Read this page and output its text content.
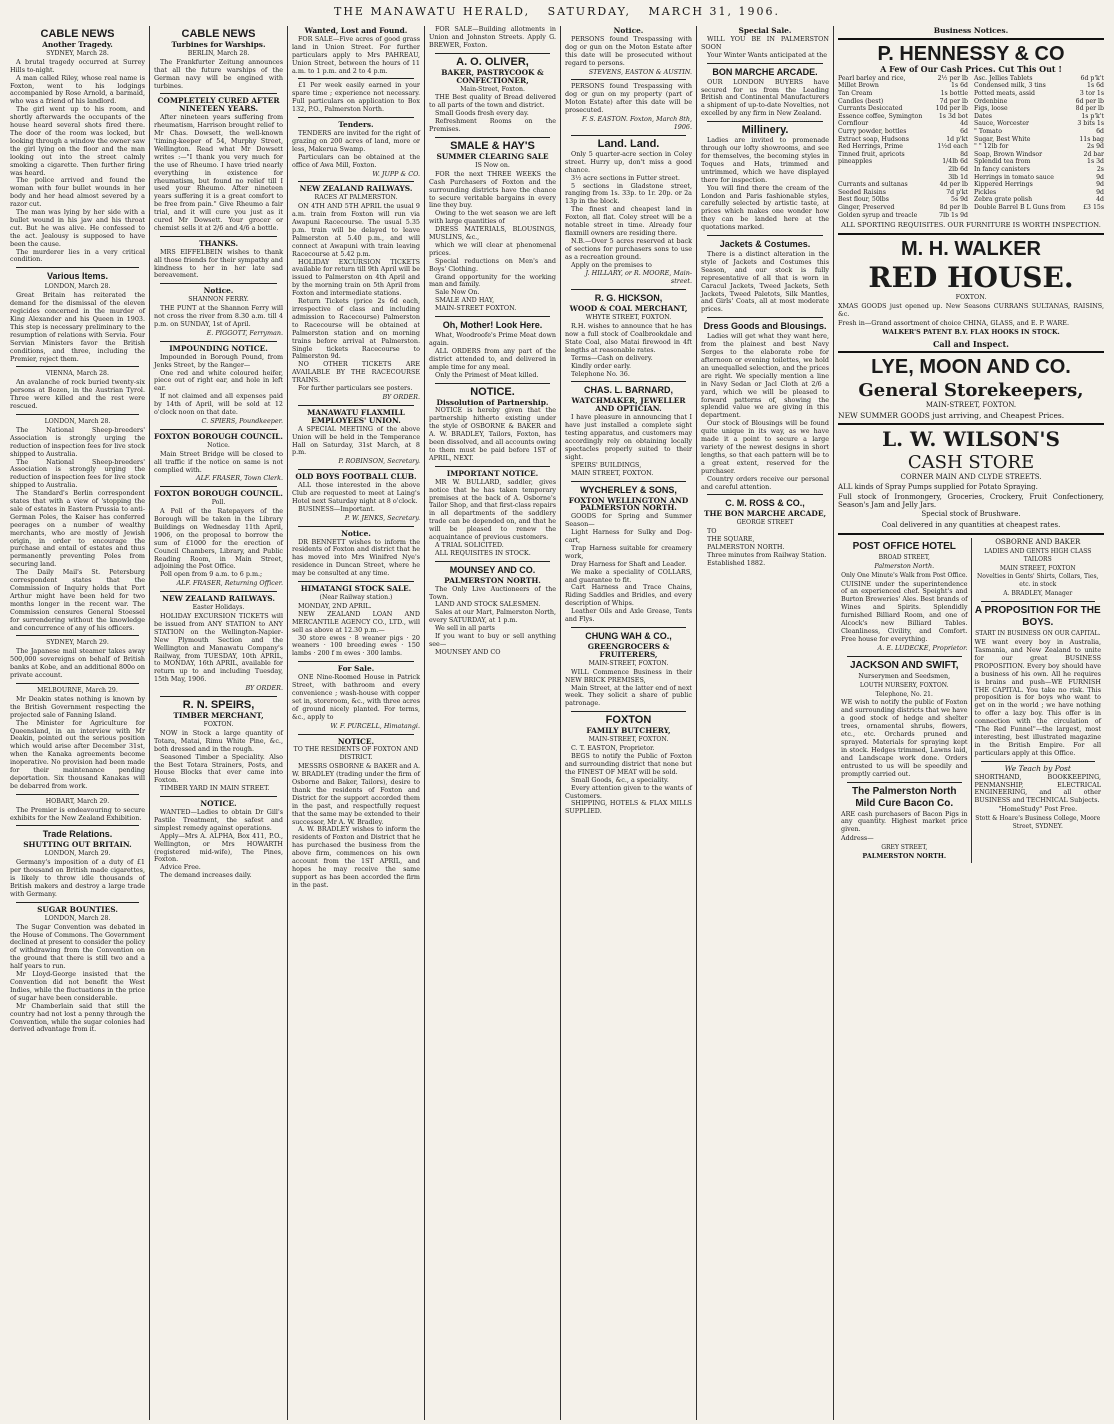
THE MANAWATU HERALD, SATURDAY, MARCH 31, 1906.
CABLE NEWS
Another Tragedy.
SYDNEY, March 28.

A brutal tragedy occurred at Surrey Hills to-night.

A man called Riley, whose real name is Foxton, went to his lodgings accompanied by Rose Arnold, a barmaid, who was a friend of his landlord.

The girl went up to his room, and shortly afterwards the occupants of the house heard several shots fired there. The door of the room was locked, but looking through a window the owner saw the girl lying on the floor and the man looking out into the street calmly smoking a cigarette. Then further firing was heard.

The police arrived and found the woman with four bullet wounds in her body and her head almost severed by a razor cut.

The man was lying by her side with a bullet wound in his jaw and his throat cut. But he was alive. He confessed to the act. Jealousy is supposed to have been the cause.

The murderer lies in a very critical condition.

Various Items.
LONDON, March 28.

Great Britain has reiterated the demand for the dismissal of the eleven regicides concerned in the murder of King Alexander and his Queen in 1903. This step is necessary preliminary to the resumption of relations with Servia. Four Servian Ministers favor the British conditions, and three, including the Premier, reject them.

VIENNA, March 28.

An avalanche of rock buried twenty-six persons at Bozen, in the Austrian Tyrol. Three were killed and the rest were rescued.

LONDON, March 28.

The National Sheep-breeders' Association is strongly urging the reduction of inspection fees for live stock shipped to Australia.

The National Sheep-breeders' Association is strongly urging the reduction of inspection fees for live stock shipped to Australia.

The Standard's Berlin correspondent states that with a view of 'stopping the sale of estates in Eastern Prussia to anti-German Poles, the Kaiser has conferred peerages on a number of wealthy merchants, who are mostly of Jewish origin, in order to encourage the purchase and entail of estates and thus permanently preventing Poles from securing land.

The Daily Mail's St. Petersburg correspondent states that the Commission of Inquiry holds that Port Arthur might have been held for two months longer in the recent war. The Commission censures General Stoessel for surrendering without the knowledge and concurrence of any of his officers.

SYDNEY, March 29.

The Japanese mail steamer takes away 500,000 sovereigns on behalf of British banks at Kobe, and an additional 800o on private account.

MELBOURNE, March 29.

Mr Deakin states nothing is known by the British Government respecting the projected sale of Fanning Island.

The Minister for Agriculture for Queensland, in an interview with Mr Deakin, pointed out the serious position which would arise after December 31st, when the Kanaka agreements become inoperative. No provision had been made for their maintenance pending deportation. Six thousand Kanakas will be debarred from work.

HOBART, March 29.

The Premier is endeavouring to secure exhibits for the New Zealand Exhibition.

Trade Relations.
SHUTTING OUT BRITAIN.
LONDON, March 29.

Germany's imposition of a duty of £1 per thousand on British made cigarettes, is likely to throw idle thousands of British makers and destroy a large trade with Germany.

SUGAR BOUNTIES.
LONDON, March 28.

The Sugar Convention was debated in the House of Commons. The Government declined at present to consider the policy of withdrawing from the Convention on the ground that there is still two and a half years to run.

Mr Lloyd-George insisted that the Convention did not benefit the West Indies, while the fluctuations in the price of sugar have been considerable.

Mr Chamberlain said that still the country had not lost a penny through the Convention, while the sugar colonies had derived advantage from it.

CABLE NEWS
Turbines for Warships.
BERLIN, March 28.

The Frankfurter Zeitung announces that all the future warships of the German navy will be engined with turbines.

COMPLETELY CURED AFTER NINETEEN YEARS.

After nineteen years suffering from rheumatism, Harrison brought relief to Mr Chas. Dowsett, the well-known 'timing-keeper of 54, Murphy Street, Wellington. Read what Mr Dowsett writes :—"I thank you very much for the use of Rheumo. I have tried nearly everything in existence for rheumatism, but found no relief till I used your Rheumo. After nineteen years suffering it is a great comfort to be free from pain." Give Rheumo a fair trial, and it will cure you just as it cured Mr Dowsett. Your grocer or chemist sells it at 2/6 and 4/6 a bottle.

THANKS.

MRS EIFFELBEIN wishes to thank all those friends for their sympathy and kindness to her in her late sad bereavement.

Notice.
SHANNON FERRY.

THE PUNT at the Shannon Ferry will not cross the river from 8.30 a.m. till 4 p.m. on SUNDAY, 1st of April.

E. PIGGOTT, Ferryman.
IMPOUNDING NOTICE.

Impounded in Borough Pound, from Jenks Street, by the Ranger—

One red and white coloured heifer, piece out of right ear, and hole in left ear.

If not claimed and all expenses paid by 14th of April, will be sold at 12 o'clock noon on that date.

C. SPIERS, Poundkeeper.
FOXTON BOROUGH COUNCIL.
Notice.

Main Street Bridge will be closed to all traffic if the notice on same is not complied with.

ALF. FRASER, Town Clerk.
FOXTON BOROUGH COUNCIL.
Poll.

A Poll of the Ratepayers of the Borough will be taken in the Library Buildings on Wednesday 11th April, 1906, on the proposal to borrow the sum of £1000 for the erection of Council Chambers, Library, and Public Reading Room, in Main Street, adjoining the Post Office.

Poll open from 9 a.m. to 6 p.m.;

ALF. FRASER, Returning Officer.
NEW ZEALAND RAILWAYS.
Easter Holidays.

HOLIDAY EXCURSION TICKETS will be issued from ANY STATION to ANY STATION on the Wellington-Napier-New Plymouth Section and the Wellington and Manawatu Company's Railway, from TUESDAY, 10th APRIL, to MONDAY, 16th APRIL, available for return up to and including Tuesday, 15th May, 1906.

BY ORDER.
R. N. SPEIRS,
TIMBER MERCHANT,
FOXTON.

NOW in Stock a large quantity of Totara, Matai, Rimu White Pine, &c., both dressed and in the rough.

Seasoned Timber a Speciality. Also the Best Totara Strainers, Posts, and House Blocks that ever came into Foxton.

TIMBER YARD IN MAIN STREET.

NOTICE.

WANTED—Ladies to obtain Dr Gill's Pastile Treatment, the safest and simplest remedy against operations.

Apply—Mrs A. ALPHA, Box 411, P.O., Wellington, or Mrs HOWARTH (registered mid-wife), The Pines, Foxton.

Advice Free.

The demand increases daily.

Wanted, Lost and Found.

FOR SALE—Five acres of good grass land in Union Street. For further particulars apply to Mrs PAHREAU, Union Street, between the hours of 11 a.m. to 1 p.m. and 2 to 4 p.m.

£1 Per week easily earned in your spare time ; experience not necessary. Full particulars on application to Box 132, P.O., Palmerston North.

Tenders.

TENDERS are invited for the right of grazing on 200 acres of land, more or less, Makerua Swamp.

Particulars can be obtained at the office of Awa Mill, Foxton.

W. JUPP & CO.
NEW ZEALAND RAILWAYS.
RACES AT PALMERSTON.

ON 4TH AND 5TH APRIL the usual 9 a.m. train from Foxton will run via Awapuni Racecourse. The usual 5.35 p.m. train will be delayed to leave Palmerston at 5.40 p.m., and will connect at Awapuni with train leaving Racecourse at 5.42 p.m.

HOLIDAY EXCURSION TICKETS available for return till 9th April will be issued to Palmerston on 4th April and by the morning train on 5th April from Foxton and intermediate stations.

Return Tickets (price 2s 6d each, irrespective of class and including admission to Racecourse) Palmerston to Racecourse will be obtained at Palmerston station and on morning trains before arrival at Palmerston. Single tickets Racecourse to Palmerston 9d.

NO OTHER TICKETS ARE AVAILABLE BY THE RACECOURSE TRAINS.

For further particulars see posters.

BY ORDER.
MANAWATU FLAXMILL EMPLOYEES' UNION.

A SPECIAL MEETING of the above Union will be held in the Temperance Hall on Saturday, 31st March, at 8 p.m.

P. ROBINSON, Secretary.
OLD BOYS FOOTBALL CLUB.

ALL those interested in the above Club are requested to meet at Laing's Hotel next Saturday night at 8 o'clock.

BUSINESS—Important.

P. W. JENKS, Secretary.
Notice.

DR BENNETT wishes to inform the residents of Foxton and district that he has moved into Mrs Winifred Nye's residence in Duncan Street, where he may be consulted at any time.

HIMATANGI STOCK SALE.
(Near Railway station.)

MONDAY, 2ND APRIL.

NEW ZEALAND LOAN AND MERCANTILE AGENCY CO., LTD., will sell as above at 12.30 p.m.—

30 store ewes · 8 weaner pigs · 20 weaners · 100 breeding ewes · 150 lambs · 200 f m ewes · 300 lambs.

For Sale.

ONE Nine-Roomed House in Patrick Street, with bathroom and every convenience ; wash-house with copper set in, storeroom, &c., with three acres of ground nicely planted. For terms, &c., apply to

W. F. PURCELL, Himatangi.
NOTICE.
TO THE RESIDENTS OF FOXTON AND DISTRICT.

MESSRS OSBORNE & BAKER and A. W. BRADLEY (trading under the firm of Osborne and Baker, Tailors), desire to thank the residents of Foxton and District for the support accorded them in the past, and respectfully request that the same may be extended to their successor, Mr A. W. Bradley.

A. W. BRADLEY wishes to inform the residents of Foxton and District that he has purchased the business from the above firm, commences on his own account from the 1ST APRIL, and hopes he may receive the same support as has been accorded the firm in the past.

FOR SALE—Building allotments in Union and Johnston Streets. Apply G. BREWER, Foxton.

A. O. OLIVER,
BAKER, PASTRYCOOK & CONFECTIONER,
Main-Street, Foxton.

THE Best quality of Bread delivered to all parts of the town and district.

Small Goods fresh every day.

Refreshment Rooms on the Premises.

SMALE & HAY'S
SUMMER CLEARING SALE
IS Now on.

FOR the next THREE WEEKS the Cash Purchasers of Foxton and the surrounding districts have the chance to secure veritable bargains in every line they buy.

Owing to the wet season we are left with large quantities of

DRESS MATERIALS, BLOUSINGS, MUSLINS, &c.,

which we will clear at phenomenal prices.

Special reductions on Men's and Boys' Clothing.

Grand opportunity for the working man and family.

Sale Now On.

SMALE AND HAY,

MAIN-STREET FOXTON.

Oh, Mother! Look Here.

What, Woodroofe's Prime Meat down again.

ALL ORDERS from any part of the district attended to, and delivered in ample time for any meal.

Only the Primest of Meat killed.

NOTICE.
Dissolution of Partnership.

NOTICE is hereby given that the partnership hitherto existing under the style of OSBORNE & BAKER and A. W. BRADLEY, Tailors, Foxton, has been dissolved, and all accounts owing to them must be paid before 1ST of APRIL, NEXT.

IMPORTANT NOTICE.

MR W. BULLARD, saddler, gives notice that he has taken temporary premises at the back of A. Osborne's Tailor Shop, and that first-class repairs in all departments of the saddlery trade can be depended on, and that he will be pleased to renew the acquaintance of previous customers.

A TRIAL SOLICITED.

ALL REQUISITES IN STOCK.

MOUNSEY AND CO.
PALMERSTON NORTH.

The Only Live Auctioneers of the Town.

LAND AND STOCK SALESMEN.

Sales at our Mart, Palmerston North, every SATURDAY, at 1 p.m.

We sell in all parts

If you want to buy or sell anything see—

MOUNSEY AND CO

Notice.

PERSONS found Trespassing with dog or gun on the Moton Estate after this date will be prosecuted without regard to persons.

STEVENS, EASTON & AUSTIN.

PERSONS found Trespassing with dog or gun on my property (part of Moton Estate) after this date will be prosecuted.

F. S. EASTON. Foxton, March 8th, 1906.
Land. Land.

Only 5 quarter-acre section in Coley street. Hurry up, don't miss a good chance.

3½ acre sections in Futter street.

5 sections in Gladstone street, ranging from 1s. 33p. to 1r. 20p. or 2a 13p in the block.

The finest and cheapest land in Foxton, all flat. Coley street will be a notable street in time. Already four flaxmill owners are residing there.

N.B.—Over 5 acres reserved at back of sections for purchasers sons to use as a recreation ground.

Apply on the premises to

J. HILLARY, or R. MOORE, Main-street.
R. G. HICKSON,
WOOD & COAL MERCHANT,
WHYTE STREET, FOXTON.

R.H. wishes to announce that he has now a full stock of Coalbrookdale and State Coal, also Matai firewood in 4ft lengths at reasonable rates.

Terms—Cash on delivery.

Kindly order early.

Telephone No. 36.

CHAS. L. BARNARD,
WATCHMAKER, JEWELLER AND OPTICIAN.

I have pleasure in announcing that I have just installed a complete sight testing apparatus, and customers may accordingly rely on obtaining locally spectacles properly suited to their sight.

SPEIRS' BUILDINGS,

MAIN STREET, FOXTON.

WYCHERLEY & SONS,
FOXTON WELLINGTON AND PALMERSTON NORTH.

GOODS for Spring and Summer Season—

Light Harness for Sulky and Dog-cart,

Trap Harness suitable for creamery work,

Dray Harness for Shaft and Leader.

We make a speciality of COLLARS, and guarantee to fit.

Cart Harness and Trace Chains, Riding Saddles and Bridles, and every description of Whips.

Leather Oils and Axle Grease, Tents and Flys.

CHUNG WAH & CO.,
GREENGROCERS & FRUITERERS,
MAIN-STREET, FOXTON.

WILL Commence Business in their NEW BRICK PREMISES,

Main Street, at the latter end of next week. They solicit a share of public patronage.

FOXTON
FAMILY BUTCHERY,
MAIN-STREET, FOXTON.

C. T. EASTON, Proprietor.

BEGS to notify the Public of Foxton and surrounding district that none but the FINEST OF MEAT will be sold.

Small Goods, &c., a speciality.

Every attention given to the wants of Customers.

SHIPPING, HOTELS & FLAX MILLS SUPPLIED.

Special Sale.

WILL YOU BE IN PALMERSTON SOON

Your Winter Wants anticipated at the

BON MARCHE ARCADE.

OUR LONDON BUYERS have secured for us from the Leading British and Continental Manufacturers a shipment of up-to-date Novelties, not excelled by any firm in New Zealand.

Millinery.

Ladies are invited to promenade through our lofty showrooms, and see for themselves, the becoming styles in Toques and Hats, trimmed and untrimmed, which we have displayed there for inspection.

You will find there the cream of the London and Paris fashionable styles, carefully selected by artistic taste, at prices which makes one wonder how they can be landed here at the quotations marked.

Jackets & Costumes.

There is a distinct alteration in the style of Jackets and Costumes this Season, and our stock is fully representative of all that is worn in Caracul Jackets, Tweed Jackets, Seth Jackets, Tweed Paletots, Silk Mantles, and Girls' Coats, all at most moderate prices.

Dress Goods and Blousings.

Ladies will get what they want here, from the plainest and best Navy Serges to the elaborate robe for afternoon or evening toilettes, we hold an unequalled selection, and the prices are right. We specially mention a line in Navy Sedan or Jacl Cloth at 2/6 a yard, which we will be pleased to forward patterns of, showing the splendid value we are giving in this department.

Our stock of Blousings will be found quite unique in its way, as we have made it a point to secure a large variety of the newest designs in short lengths, so that each pattern will be to a great extent, reserved for the purchaser.

Country orders receive our personal and careful attention.

C. M. ROSS & CO.,
THE BON MARCHE ARCADE,
GEORGE STREET

TO

THE SQUARE,

PALMERSTON NORTH.

Three minutes from Railway Station.

Established 1882.

Business Notices.
P. HENNESSY & CO
A Few of Our Cash Prices. Cut This Out !
Pearl barley and rice,	2½ per lb
Millet Brown	1s 6d
Tan Cream	1s bottle
Candles (best)	7d per lb
Currants Desiccated	10d per lb
Essence coffee, Symington	1s 3d bot
Cornflour	4d
Curry powder, bottles	6d
Extract soap, Hudsons	1d p'kt
Red Herrings, Prime	1½d each
Tinned fruit, apricots	8d
pineapples	1/4lb 6d
2lb 6d
3lb 1d
Currants and sultanas	4d per lb
Seeded Raisins	7d p'kt
Best flour, 50lbs	5s 9d
Ginger, Preserved	8d per lb
Golden syrup and treacle	7lb 1s 9d
Asc. Jellies Tablets	6d p'k't
Condensed milk, 3 tins	1s 6d
Potted meats, assid	3 tor 1s
Ordenbine	6d per lb
Figs, loose	8d per lb
Dates	1s p'k't
Sauce, Worcester	3 bits 1s
" Tomato	6d
Sugar, Best White	11s bag
" " 12lb for	2s 9d
Soap, Brown Windsor	2d bar
Splendid tea from	1s 3d
In fancy canisters	2s
Herrings in tomato sauce	9d
Kippered Herrings	9d
Pickles	9d
Zebra grate polish	4d
Double Barrel B L Guns from	£3 15s
ALL SPORTING REQUISITES. OUR FURNITURE IS WORTH INSPECTION.
M. H. WALKER
RED HOUSE.
FOXTON.
XMAS GOODS just opened up. New Seasons CURRANS SULTANAS, RAISINS, &c.
Fresh in—Grand assortment of choice CHINA, GLASS, and E. P. WARE.
WALKER'S PATENT B.Y. FLAX HOOKS IN STOCK.
Call and Inspect.
LYE, MOON AND CO.
General Storekeepers,
MAIN-STREET, FOXTON.
NEW SUMMER GOODS just arriving, and Cheapest Prices.
L. W. WILSON'S
CASH STORE
CORNER MAIN AND CLYDE STREETS.
ALL kinds of Spray Pumps supplied for Potato Spraying.
Full stock of Ironmongery, Groceries, Crockery, Fruit Confectionery, Season's Jam and Jelly Jars.
Special stock of Brushware.
Coal delivered in any quantities at cheapest rates.
POST OFFICE HOTEL
BROAD STREET,
Palmerston North.
Only One Minute's Walk from Post Office.
CUISINE under the superintendence of an experienced chef. Speight's and Burton Breweries' Ales. Best brands of Wines and Spirits. Splendidly furnished Billiard Room, and one of Alcock's new Billiard Tables. Cleanliness, Civility, and Comfort. Free house for everything.
A. E. LUDECKE, Proprietor.
JACKSON AND SWIFT,
Nurserymen and Seedsmen,
LOUTH NURSERY, FOXTON.
Telephone, No. 21.
WE wish to notify the public of Foxton and surrounding districts that we have a good stock of hedge and shelter trees, ornamental shrubs, flowers, etc., etc. Orchards pruned and sprayed. Materials for spraying kept in stock. Hedges trimmed, Lawns laid, and Landscape work done. Orders entrusted to us will be speedily and promptly carried out.
The Palmerston North Mild Cure Bacon Co.
ARE cash purchasers of Bacon Pigs in any quantity. Highest market price given.
Address—
GREY STREET,
PALMERSTON NORTH.
OSBORNE AND BAKER
LADIES AND GENTS HIGH CLASS TAILORS
MAIN STREET, FOXTON
Novelties in Gents' Shirts, Collars, Ties, etc. in stock
A. BRADLEY, Manager
A PROPOSITION FOR THE BOYS.
START IN BUSINESS ON OUR CAPITAL.
WE want every boy in Australia, Tasmania, and New Zealand to unite for our great BUSINESS PROPOSITION. Every boy should have a business of his own. All he requires is brains and push—WE FURNISH THE CAPITAL. You take no risk. This proposition is for boys who want to get on in the world ; we have nothing to offer a lazy boy. This offer is in connection with the circulation of "The Red Funnel"—the largest, most interesting, best illustrated magazine in the British Empire. For all particulars apply at this Office.
We Teach by Post
SHORTHAND, BOOKKEEPING, PENMANSHIP, ELECTRICAL ENGINEERING, and all other BUSINESS and TECHNICAL Subjects.
"HomeStudy" Post Free.
Stott & Hoare's Business College, Moore Street, SYDNEY.
